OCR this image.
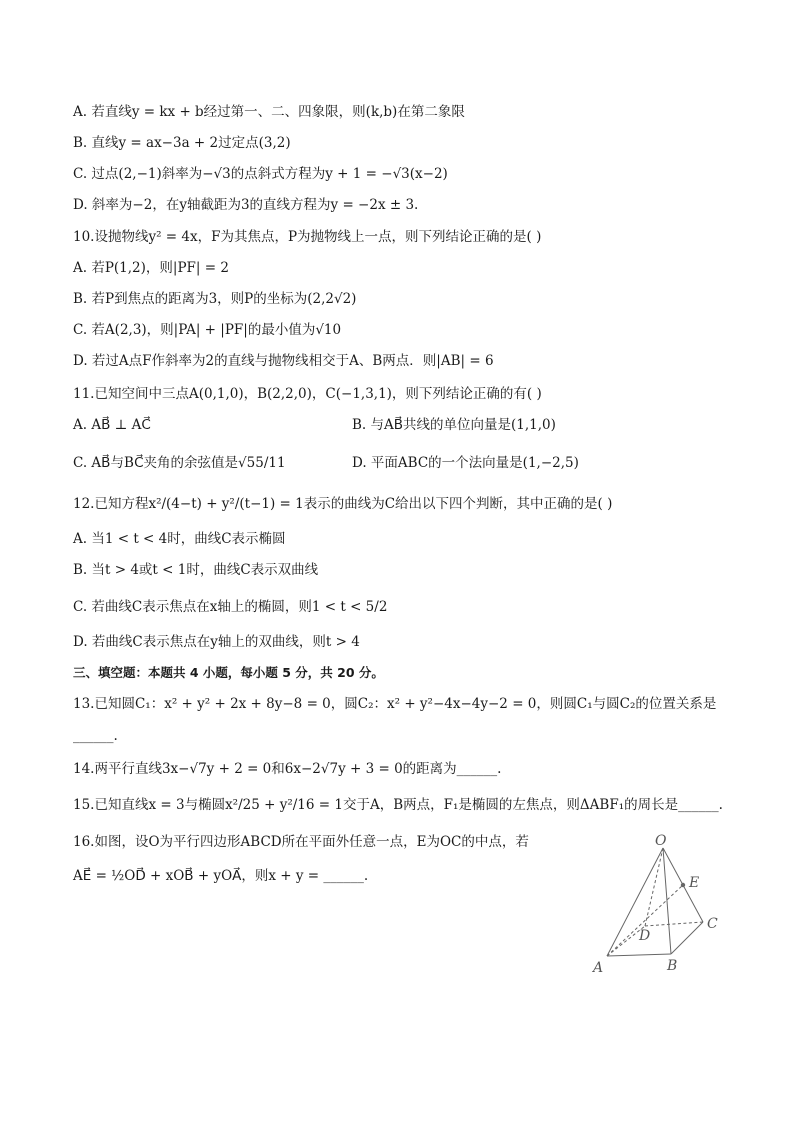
A. 若直线y = kx + b经过第一、二、四象限，则(k,b)在第二象限
B. 直线y = ax−3a + 2过定点(3,2)
C. 过点(2,−1)斜率为−√3的点斜式方程为y + 1 = −√3(x−2)
D. 斜率为−2，在y轴截距为3的直线方程为y = −2x ± 3.
10.设抛物线y² = 4x，F为其焦点，P为抛物线上一点，则下列结论正确的是( )
A. 若P(1,2)，则|PF| = 2
B. 若P到焦点的距离为3，则P的坐标为(2,2√2)
C. 若A(2,3)，则|PA| + |PF|的最小值为√10
D. 若过A点F作斜率为2的直线与抛物线相交于A、B两点．则|AB| = 6
11.已知空间中三点A(0,1,0)，B(2,2,0)，C(−1,3,1)，则下列结论正确的有( )
A. AB⃗ ⊥ AC⃗	B. 与AB⃗共线的单位向量是(1,1,0)
C. AB⃗与BC⃗夹角的余弦值是√55/11	D. 平面ABC的一个法向量是(1,−2,5)
12.已知方程x²/(4−t) + y²/(t−1) = 1表示的曲线为C给出以下四个判断，其中正确的是( )
A. 当1 < t < 4时，曲线C表示椭圆
B. 当t > 4或t < 1时，曲线C表示双曲线
C. 若曲线C表示焦点在x轴上的椭圆，则1 < t < 5/2
D. 若曲线C表示焦点在y轴上的双曲线，则t > 4
三、填空题：本题共 4 小题，每小题 5 分，共 20 分。
13.已知圆C₁：x² + y² + 2x + 8y−8 = 0，圆C₂：x² + y²−4x−4y−2 = 0，则圆C₁与圆C₂的位置关系是
______.
14.两平行直线3x−√7y + 2 = 0和6x−2√7y + 3 = 0的距离为______.
15.已知直线x = 3与椭圆x²/25 + y²/16 = 1交于A，B两点，F₁是椭圆的左焦点，则ΔABF₁的周长是______.
16.如图，设O为平行四边形ABCD所在平面外任意一点，E为OC的中点，若
AE⃗ = ½OD⃗ + xOB⃗ + yOA⃗，则x + y = ______.
O
E
C
D
A	B
